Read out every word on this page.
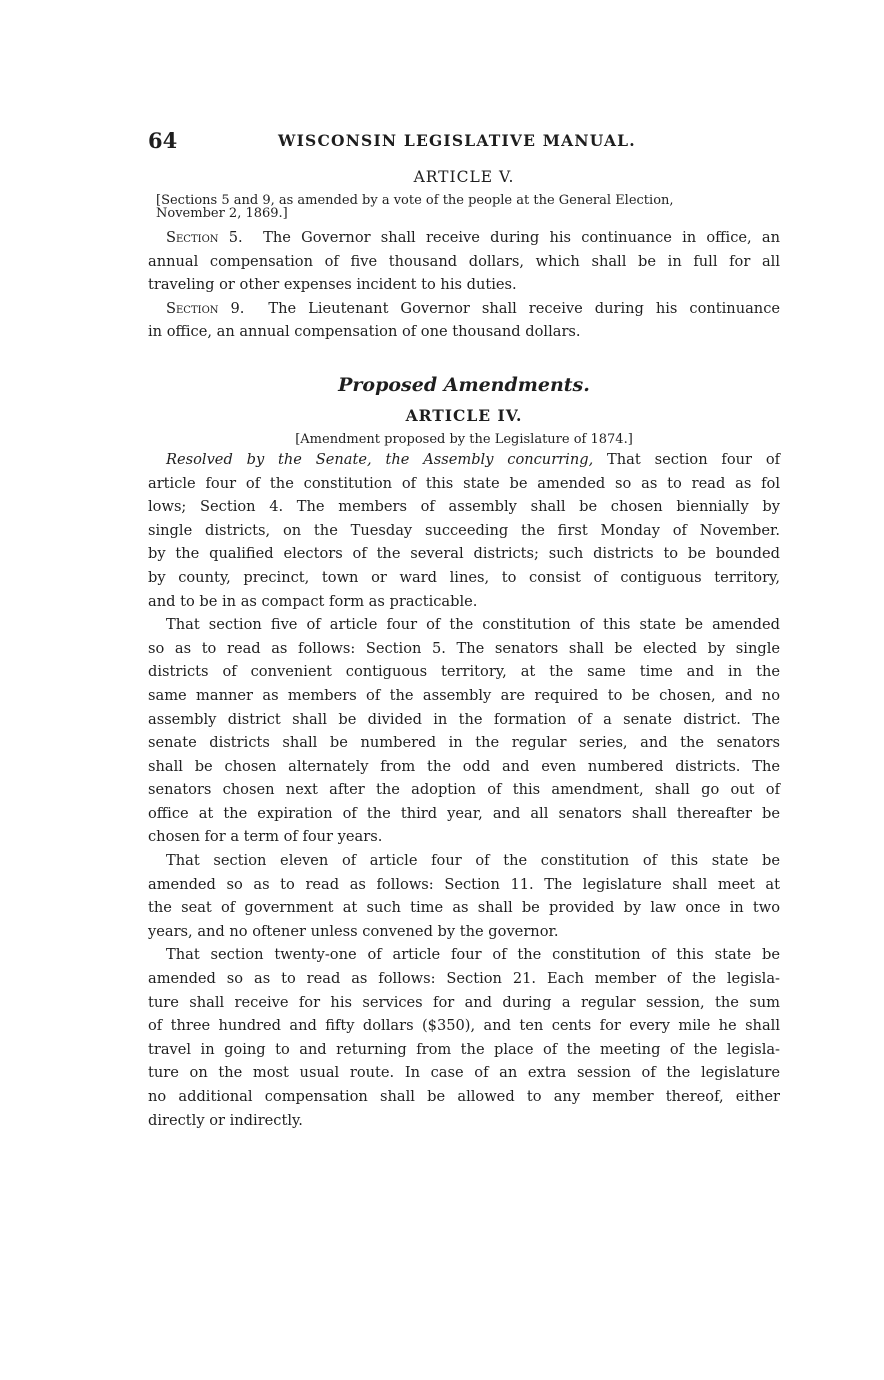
64	WISCONSIN LEGISLATIVE MANUAL.
ARTICLE V.
[Sections 5 and 9, as amended by a vote of the people at the General Election,
November 2, 1869.]
Section 5. The Governor shall receive during his continuance in office, an
annual compensation of five thousand dollars, which shall be in full for all
traveling or other expenses incident to his duties.
Section 9. The Lieutenant Governor shall receive during his continuance
in office, an annual compensation of one thousand dollars.
Proposed Amendments.
ARTICLE IV.
[Amendment proposed by the Legislature of 1874.]
Resolved by the Senate, the Assembly concurring, That section four of
article four of the constitution of this state be amended so as to read as fol
lows; Section 4. The members of assembly shall be chosen biennially by
single districts, on the Tuesday succeeding the first Monday of November.
by the qualified electors of the several districts; such districts to be bounded
by county, precinct, town or ward lines, to consist of contiguous territory,
and to be in as compact form as practicable.
That section five of article four of the constitution of this state be amended
so as to read as follows: Section 5. The senators shall be elected by single
districts of convenient contiguous territory, at the same time and in the
same manner as members of the assembly are required to be chosen, and no
assembly district shall be divided in the formation of a senate district. The
senate districts shall be numbered in the regular series, and the senators
shall be chosen alternately from the odd and even numbered districts. The
senators chosen next after the adoption of this amendment, shall go out of
office at the expiration of the third year, and all senators shall thereafter be
chosen for a term of four years.
That section eleven of article four of the constitution of this state be
amended so as to read as follows: Section 11. The legislature shall meet at
the seat of government at such time as shall be provided by law once in two
years, and no oftener unless convened by the governor.
That section twenty-one of article four of the constitution of this state be
amended so as to read as follows: Section 21. Each member of the legisla-
ture shall receive for his services for and during a regular session, the sum
of three hundred and fifty dollars ($350), and ten cents for every mile he shall
travel in going to and returning from the place of the meeting of the legisla-
ture on the most usual route. In case of an extra session of the legislature
no additional compensation shall be allowed to any member thereof, either
directly or indirectly.
